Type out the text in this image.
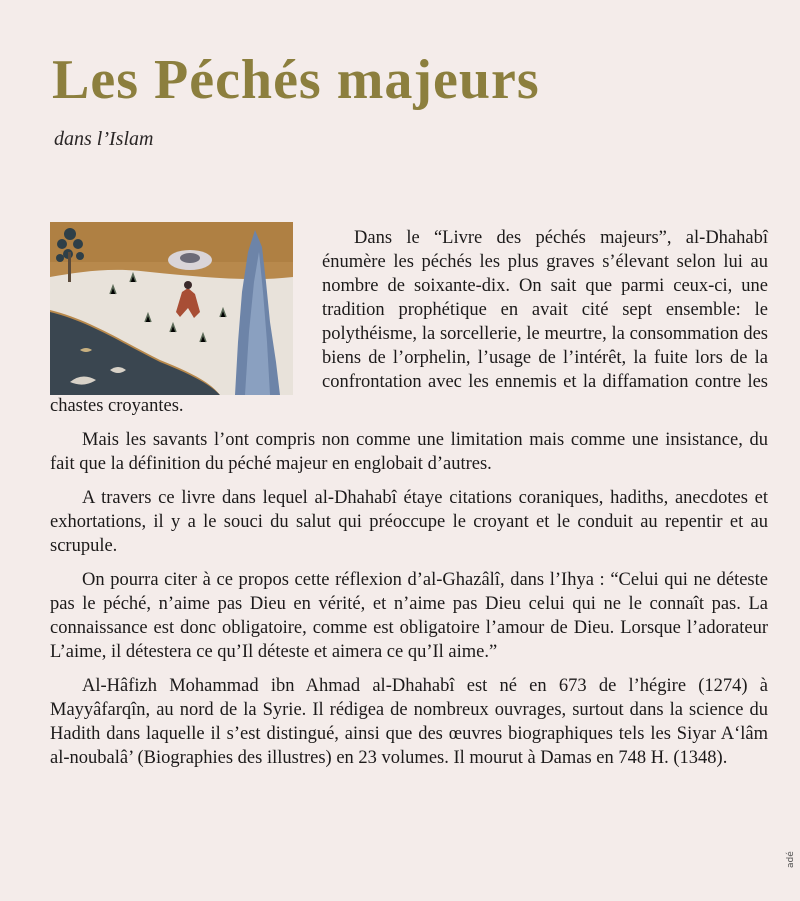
Les Péchés majeurs
dans l’Islam

Dans le “Livre des péchés majeurs”, al-Dhahabî énumère les péchés les plus graves s’élevant selon lui au nombre de soixante-dix. On sait que parmi ceux-ci, une tradition prophétique en avait cité sept ensemble: le polythéisme, la sorcellerie, le meurtre, la consommation des biens de l’orphelin, l’usage de l’intérêt, la fuite lors de la confrontation avec les ennemis et la diffamation contre les chastes croyantes.

Mais les savants l’ont compris non comme une limitation mais comme une insistance, du fait que la définition du péché majeur en englobait d’autres.

A travers ce livre dans lequel al-Dhahabî étaye citations coraniques, hadiths, anecdotes et exhortations, il y a le souci du salut qui préoccupe le croyant et le conduit au repentir et au scrupule.

On pourra citer à ce propos cette réflexion d’al-Ghazâlî, dans l’Ihya : “Celui qui ne déteste pas le péché, n’aime pas Dieu en vérité, et n’aime pas Dieu celui qui ne le connaît pas. La connaissance est donc obligatoire, comme est obligatoire l’amour de Dieu. Lorsque l’adorateur L’aime, il détestera ce qu’Il déteste et aimera ce qu’Il aime.”

Al-Hâfizh Mohammad ibn Ahmad al-Dhahabî est né en 673 de l’hégire (1274) à Mayyâfarqîn, au nord de la Syrie. Il rédigea de nombreux ouvrages, surtout dans la science du Hadith dans laquelle il s’est distingué, ainsi que des œuvres biographiques tels les Siyar A‘lâm al-noubalâ’ (Biographies des illustres) en 23 volumes. Il mourut à Damas en 748 H. (1348).

adé
